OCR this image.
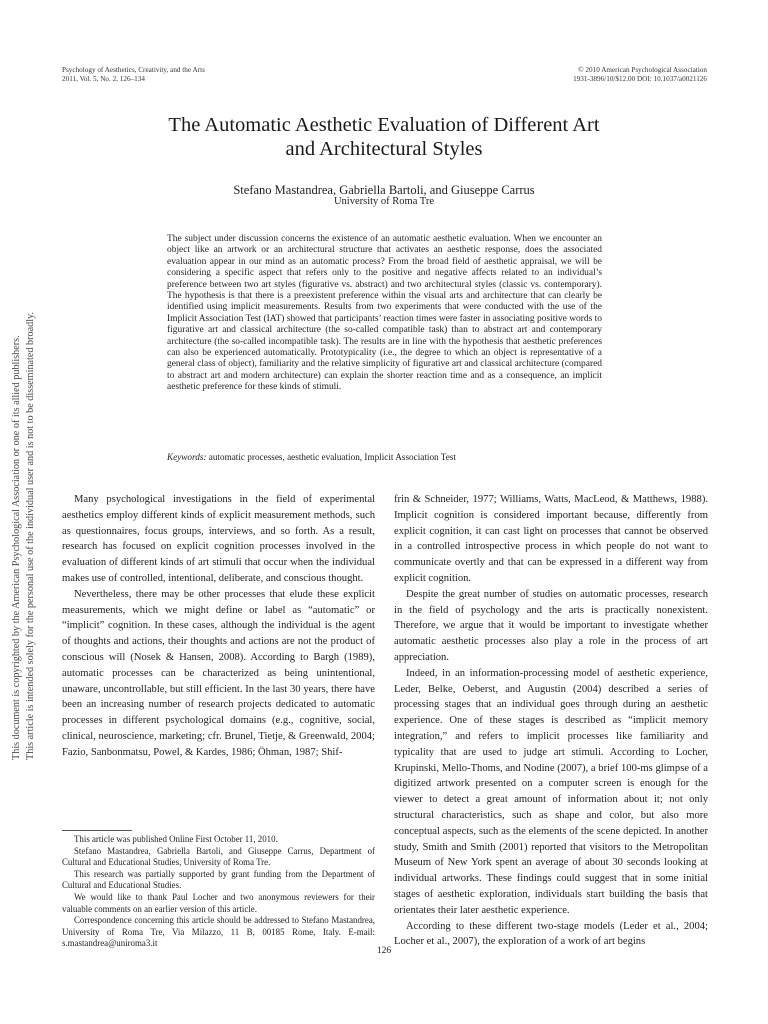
This document is copyrighted by the American Psychological Association or one of its allied publishers. This article is intended solely for the personal use of the individual user and is not to be disseminated broadly.
Psychology of Aesthetics, Creativity, and the Arts
2011, Vol. 5, No. 2, 126–134
© 2010 American Psychological Association
1931-3896/10/$12.00 DOI: 10.1037/a0021126
The Automatic Aesthetic Evaluation of Different Art
and Architectural Styles
Stefano Mastandrea, Gabriella Bartoli, and Giuseppe Carrus
University of Roma Tre
The subject under discussion concerns the existence of an automatic aesthetic evaluation. When we encounter an object like an artwork or an architectural structure that activates an aesthetic response, does the associated evaluation appear in our mind as an automatic process? From the broad field of aesthetic appraisal, we will be considering a specific aspect that refers only to the positive and negative affects related to an individual’s preference between two art styles (figurative vs. abstract) and two architectural styles (classic vs. contemporary). The hypothesis is that there is a preexistent preference within the visual arts and architecture that can clearly be identified using implicit measurements. Results from two experiments that were conducted with the use of the Implicit Association Test (IAT) showed that participants’ reaction times were faster in associating positive words to figurative art and classical architecture (the so-called compatible task) than to abstract art and contemporary architecture (the so-called incompatible task). The results are in line with the hypothesis that aesthetic preferences can also be experienced automatically. Prototypicality (i.e., the degree to which an object is representative of a general class of object), familiarity and the relative simplicity of figurative art and classical architecture (compared to abstract art and modern architecture) can explain the shorter reaction time and as a consequence, an implicit aesthetic preference for these kinds of stimuli.
Keywords: automatic processes, aesthetic evaluation, Implicit Association Test

Many psychological investigations in the field of experimental aesthetics employ different kinds of explicit measurement methods, such as questionnaires, focus groups, interviews, and so forth. As a result, research has focused on explicit cognition processes involved in the evaluation of different kinds of art stimuli that occur when the individual makes use of controlled, intentional, deliberate, and conscious thought.

Nevertheless, there may be other processes that elude these explicit measurements, which we might define or label as “automatic” or “implicit” cognition. In these cases, although the individual is the agent of thoughts and actions, their thoughts and actions are not the product of conscious will (Nosek & Hansen, 2008). According to Bargh (1989), automatic processes can be characterized as being unintentional, unaware, uncontrollable, but still efficient. In the last 30 years, there have been an increasing number of research projects dedicated to automatic processes in different psychological domains (e.g., cognitive, social, clinical, neuroscience, marketing; cfr. Brunel, Tietje, & Greenwald, 2004; Fazio, Sanbonmatsu, Powel, & Kardes, 1986; Öhman, 1987; Shif-

frin & Schneider, 1977; Williams, Watts, MacLeod, & Matthews, 1988). Implicit cognition is considered important because, differently from explicit cognition, it can cast light on processes that cannot be observed in a controlled introspective process in which people do not want to communicate overtly and that can be expressed in a different way from explicit cognition.

Despite the great number of studies on automatic processes, research in the field of psychology and the arts is practically nonexistent. Therefore, we argue that it would be important to investigate whether automatic aesthetic processes also play a role in the process of art appreciation.

Indeed, in an information-processing model of aesthetic experience, Leder, Belke, Oeberst, and Augustin (2004) described a series of processing stages that an individual goes through during an aesthetic experience. One of these stages is described as “implicit memory integration,” and refers to implicit processes like familiarity and typicality that are used to judge art stimuli. According to Locher, Krupinski, Mello-Thoms, and Nodine (2007), a brief 100-ms glimpse of a digitized artwork presented on a computer screen is enough for the viewer to detect a great amount of information about it; not only structural characteristics, such as shape and color, but also more conceptual aspects, such as the elements of the scene depicted. In another study, Smith and Smith (2001) reported that visitors to the Metropolitan Museum of New York spent an average of about 30 seconds looking at individual artworks. These findings could suggest that in some initial stages of aesthetic exploration, individuals start building the basis that orientates their later aesthetic experience.

According to these different two-stage models (Leder et al., 2004; Locher et al., 2007), the exploration of a work of art begins

This article was published Online First October 11, 2010.

Stefano Mastandrea, Gabriella Bartoli, and Giuseppe Carrus, Department of Cultural and Educational Studies, University of Roma Tre.

This research was partially supported by grant funding from the Department of Cultural and Educational Studies.

We would like to thank Paul Locher and two anonymous reviewers for their valuable comments on an earlier version of this article.

Correspondence concerning this article should be addressed to Stefano Mastandrea, University of Roma Tre, Via Milazzo, 11 B, 00185 Rome, Italy. E-mail: s.mastandrea@uniroma3.it

126
